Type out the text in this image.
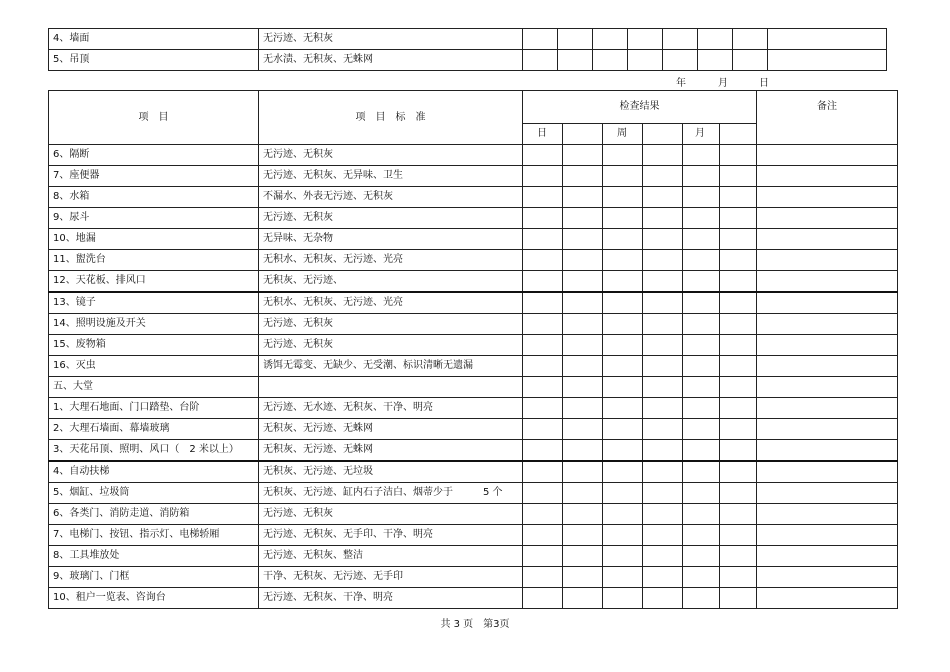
4、墙面	无污迹、无积灰								
5、吊顶	无水渍、无积灰、无蛛网								
年	月	日
项　目	项　目　标　准	检查结果						备注
		日		周		月		
6、隔断	无污迹、无积灰							
7、座便器	无污迹、无积灰、无异味、卫生							
8、水箱	不漏水、外表无污迹、无积灰							
9、尿斗	无污迹、无积灰							
10、地漏	无异味、无杂物							
11、盥洗台	无积水、无积灰、无污迹、光亮							
12、天花板、排风口	无积灰、无污迹、							
13、镜子	无积水、无积灰、无污迹、光亮							
14、照明设施及开关	无污迹、无积灰							
15、废物箱	无污迹、无积灰							
16、灭虫	诱饵无霉变、无缺少、无受潮、标识清晰无遗漏							
五、大堂								
1、大理石地面、门口踏垫、台阶	无污迹、无水迹、无积灰、干净、明亮							
2、大理石墙面、幕墙玻璃	无积灰、无污迹、无蛛网							
3、天花吊顶、照明、风口（　2 米以上）	无积灰、无污迹、无蛛网							
4、自动扶梯	无积灰、无污迹、无垃圾							
5、烟缸、垃圾筒	无积灰、无污迹、缸内石子洁白、烟蒂少于　　　5 个							
6、各类门、消防走道、消防箱	无污迹、无积灰							
7、电梯门、按钮、指示灯、电梯轿厢	无污迹、无积灰、无手印、干净、明亮							
8、工具堆放处	无污迹、无积灰、整洁							
9、玻璃门、门框	干净、无积灰、无污迹、无手印							
10、租户一览表、咨询台	无污迹、无积灰、干净、明亮							
共 3 页　第3页
